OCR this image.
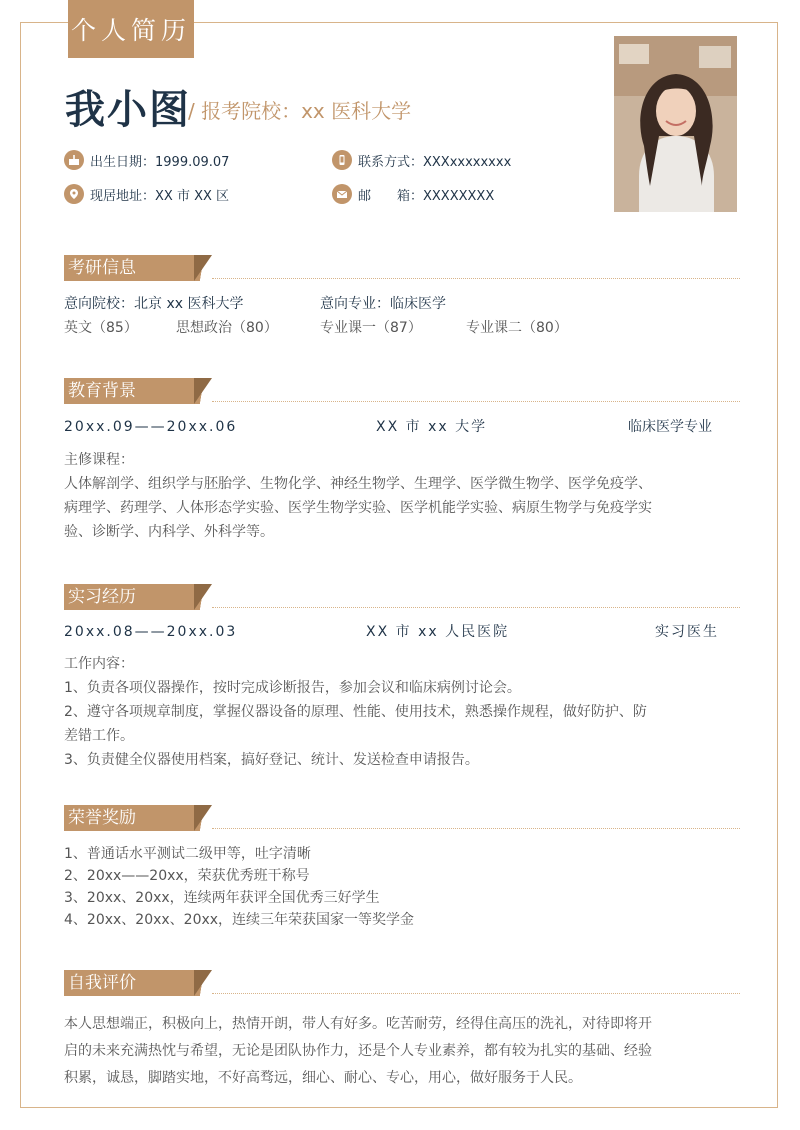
个人简历
我小图
/ 报考院校：xx 医科大学
出生日期：1999.09.07
现居地址：XX 市 XX 区
联系方式：XXXxxxxxxxx
邮　　箱：XXXXXXXX
考研信息
意向院校：北京 xx 医科大学	意向专业：临床医学
英文（85）	思想政治（80）	专业课一（87）	专业课二（80）
教育背景
20xx.09——20xx.06	XX 市 xx 大学	临床医学专业
主修课程：
人体解剖学、组织学与胚胎学、生物化学、神经生物学、生理学、医学微生物学、医学免疫学、
病理学、药理学、人体形态学实验、医学生物学实验、医学机能学实验、病原生物学与免疫学实
验、诊断学、内科学、外科学等。
实习经历
20xx.08——20xx.03	XX 市 xx 人民医院	实习医生
工作内容：
1、负责各项仪器操作，按时完成诊断报告，参加会议和临床病例讨论会。
2、遵守各项规章制度，掌握仪器设备的原理、性能、使用技术，熟悉操作规程，做好防护、防
差错工作。
3、负责健全仪器使用档案，搞好登记、统计、发送检查申请报告。
荣誉奖励
1、普通话水平测试二级甲等，吐字清晰
2、20xx——20xx，荣获优秀班干称号
3、20xx、20xx，连续两年获评全国优秀三好学生
4、20xx、20xx、20xx，连续三年荣获国家一等奖学金
自我评价
本人思想端正，积极向上，热情开朗，带人有好多。吃苦耐劳，经得住高压的洗礼，对待即将开
启的未来充满热忱与希望，无论是团队协作力，还是个人专业素养，都有较为扎实的基础、经验
积累，诚恳，脚踏实地，不好高骛远，细心、耐心、专心，用心，做好服务于人民。
